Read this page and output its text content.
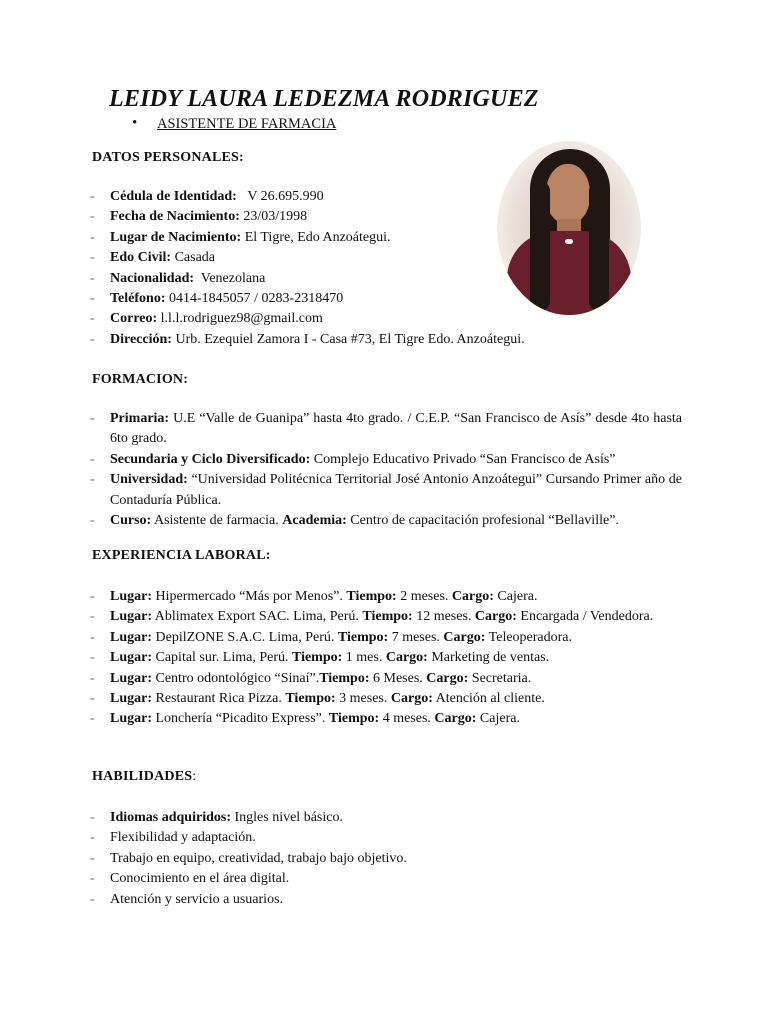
LEIDY LAURA LEDEZMA RODRIGUEZ
• ASISTENTE DE FARMACIA
DATOS PERSONALES:
- Cédula de Identidad: V 26.695.990
- Fecha de Nacimiento: 23/03/1998
- Lugar de Nacimiento: El Tigre, Edo Anzoátegui.
- Edo Civil: Casada
- Nacionalidad: Venezolana
- Teléfono: 0414-1845057 / 0283-2318470
- Correo: l.l.l.rodriguez98@gmail.com
- Dirección: Urb. Ezequiel Zamora I - Casa #73, El Tigre Edo. Anzoátegui.
FORMACION:
- Primaria: U.E “Valle de Guanipa” hasta 4to grado. / C.E.P. “San Francisco de Asís” desde 4to hasta 6to grado.
- Secundaria y Ciclo Diversificado: Complejo Educativo Privado “San Francisco de Asís”
- Universidad: “Universidad Politécnica Territorial José Antonio Anzoátegui” Cursando Primer año de Contaduría Pública.
- Curso: Asistente de farmacia. Academia: Centro de capacitación profesional “Bellaville”.
EXPERIENCIA LABORAL:
- Lugar: Hipermercado “Más por Menos”. Tiempo: 2 meses. Cargo: Cajera.
- Lugar: Ablimatex Export SAC. Lima, Perú. Tiempo: 12 meses. Cargo: Encargada / Vendedora.
- Lugar: DepilZONE S.A.C. Lima, Perú. Tiempo: 7 meses. Cargo: Teleoperadora.
- Lugar: Capital sur. Lima, Perú. Tiempo: 1 mes. Cargo: Marketing de ventas.
- Lugar: Centro odontológico “Sinaí”.Tiempo: 6 Meses. Cargo: Secretaria.
- Lugar: Restaurant Rica Pizza. Tiempo: 3 meses. Cargo: Atención al cliente.
- Lugar: Lonchería “Picadito Express”. Tiempo: 4 meses. Cargo: Cajera.
HABILIDADES:
- Idiomas adquiridos: Ingles nivel básico.
- Flexibilidad y adaptación.
- Trabajo en equipo, creatividad, trabajo bajo objetivo.
- Conocimiento en el área digital.
- Atención y servicio a usuarios.
